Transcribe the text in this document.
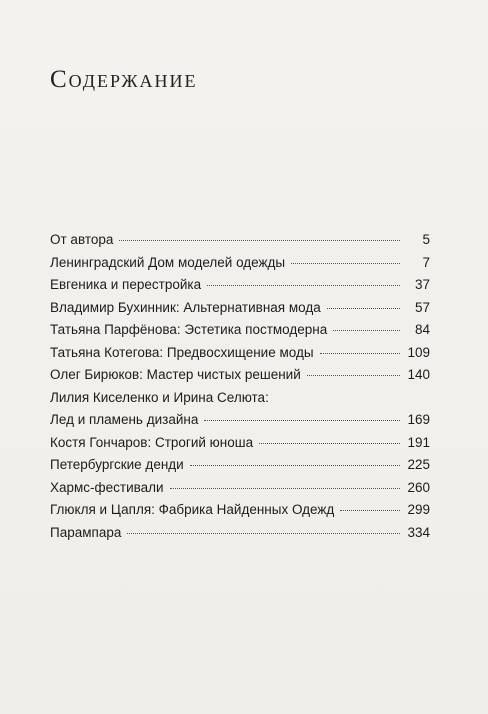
Содержание
От автора	5
Ленинградский Дом моделей одежды	7
Евгеника и перестройка	37
Владимир Бухинник: Альтернативная мода	57
Татьяна Парфёнова: Эстетика постмодерна	84
Татьяна Котегова: Предвосхищение моды	109
Олег Бирюков: Мастер чистых решений	140
Лилия Киселенко и Ирина Селюта:
Лед и пламень дизайна	169
Костя Гончаров: Строгий юноша	191
Петербургские денди	225
Хармс-фестивали	260
Глюкля и Цапля: Фабрика Найденных Одежд	299
Парампара	334
